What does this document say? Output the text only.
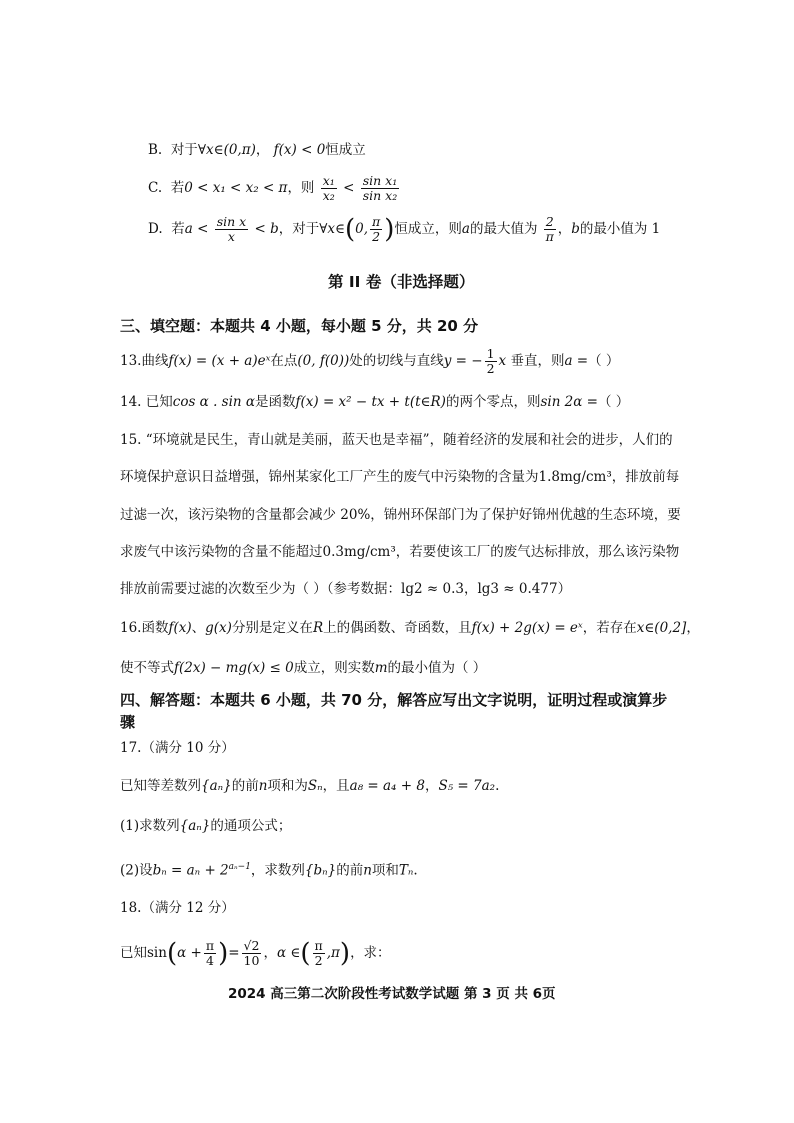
B. 对于∀x∈(0,π)， f(x) < 0恒成立
C. 若0 < x₁ < x₂ < π，则 $\frac{\text{x₁}}{\text{x₂}} < \frac{\text{sin x₁}}{\text{sin x₂}}$
D. 若$a < \frac{\text{sin x}}{x} < b$，对于∀x∈(0, $\frac{\pi}{2}$ )恒成立，则a的最大值为 $\frac{2}{\pi}$ ，b的最小值为 1
第 II 卷（非选择题）
三、填空题：本题共 4 小题，每小题 5 分，共 20 分
13.曲线f(x) = (x + a)eˣ在点(0, f(0))处的切线与直线y = − $\frac{1}{2}$ x 垂直，则a =（ ）
14. 已知cos α . sin α是函数f(x) = x² − tx + t(t∈R)的两个零点，则sin 2α =（ ）
15. “环境就是民生，青山就是美丽，蓝天也是幸福”，随着经济的发展和社会的进步，人们的
环境保护意识日益增强，锦州某家化工厂产生的废气中污染物的含量为1.8mg/cm³，排放前每
过滤一次，该污染物的含量都会减少 20%，锦州环保部门为了保护好锦州优越的生态环境，要
求废气中该污染物的含量不能超过0.3mg/cm³，若要使该工厂的废气达标排放，那么该污染物
排放前需要过滤的次数至少为（ ）（参考数据：lg2 ≈ 0.3，lg3 ≈ 0.477）
16.函数f(x)、g(x)分别是定义在R上的偶函数、奇函数，且f(x) + 2g(x) = eˣ，若存在x∈(0,2]，
使不等式f(2x) − mg(x) ≤ 0成立，则实数m的最小值为（ ）
四、解答题：本题共 6 小题，共 70 分，解答应写出文字说明，证明过程或演算步
骤
17.（满分 10 分）
已知等差数列{aₙ}的前n项和为Sₙ，且a₈ = a₄ + 8，S₅ = 7a₂.
(1)求数列{aₙ}的通项公式；
(2)设$b_n = a_n + 2^{a_n-1}$，求数列{bₙ}的前n项和Tₙ.
18.（满分 12 分）
已知$\sin(\alpha + \frac{\pi}{4}$ )= $\frac{√2}{10}$ ，α ∈( $\frac{\pi}{2} ,\pi$)，求：
2024 高三第二次阶段性考试数学试题 第 3 页 共 6页
